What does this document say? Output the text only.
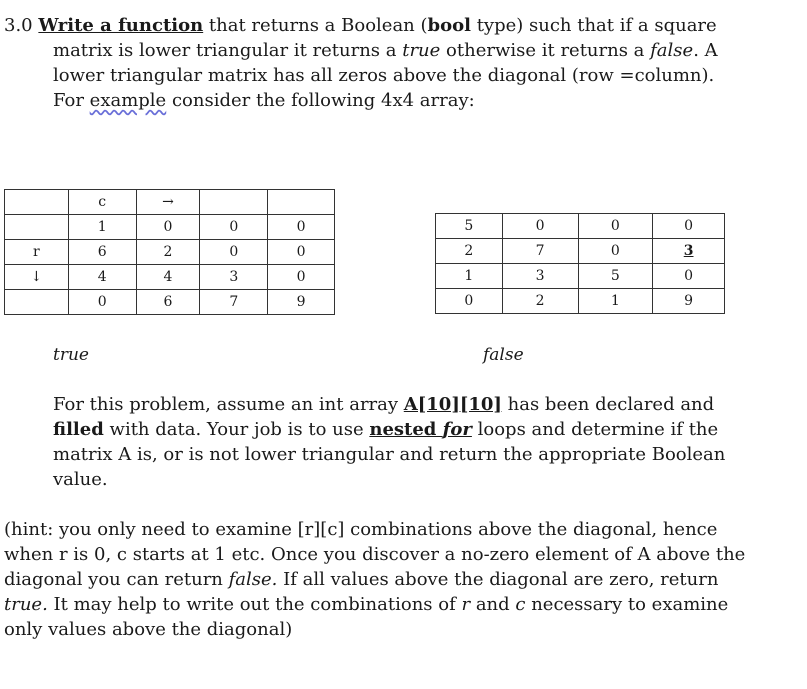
3.0 Write a function that returns a Boolean (bool type) such that if a square

matrix is lower triangular it returns a true otherwise it returns a false. A

lower triangular matrix has all zeros above the diagonal (row =column).

For example consider the following 4x4 array:

	c	→		
	1	0	0	0
r	6	2	0	0
↓	4	4	3	0
	0	6	7	9
5	0	0	0
2	7	0	3
1	3	5	0
0	2	1	9
true	false

For this problem, assume an int array A[10][10] has been declared and

filled with data. Your job is to use nested for loops and determine if the

matrix A is, or is not lower triangular and return the appropriate Boolean

value.

(hint: you only need to examine [r][c] combinations above the diagonal, hence

when r is 0, c starts at 1 etc. Once you discover a no-zero element of A above the

diagonal you can return false. If all values above the diagonal are zero, return

true. It may help to write out the combinations of r and c necessary to examine

only values above the diagonal)
